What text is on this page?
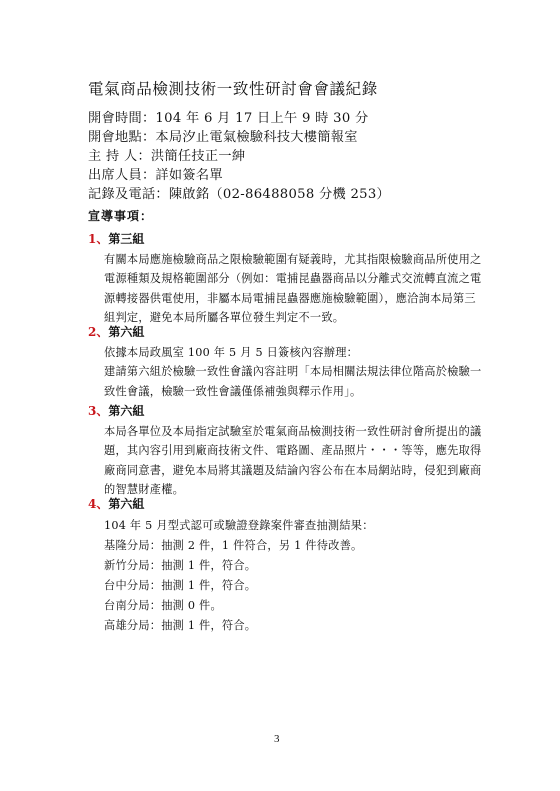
電氣商品檢測技術一致性研討會會議紀錄
開會時間：104 年 6 月 17 日上午 9 時 30 分
開會地點：本局汐止電氣檢驗科技大樓簡報室
主 持 人：洪簡任技正一紳
出席人員：詳如簽名單
記錄及電話：陳啟銘（02-86488058 分機 253）
宣導事項：
1、第三組
有關本局應施檢驗商品之限檢驗範圍有疑義時，尤其指限檢驗商品所使用之
電源種類及規格範圍部分（例如：電捕昆蟲器商品以分離式交流轉直流之電
源轉接器供電使用，非屬本局電捕昆蟲器應施檢驗範圍），應洽詢本局第三
組判定，避免本局所屬各單位發生判定不一致。
2、第六組
依據本局政風室 100 年 5 月 5 日簽核內容辦理：
建請第六組於檢驗一致性會議內容註明「本局相關法規法律位階高於檢驗一
致性會議，檢驗一致性會議僅係補強與釋示作用」。
3、第六組
本局各單位及本局指定試驗室於電氣商品檢測技術一致性研討會所提出的議
題，其內容引用到廠商技術文件、電路圖、產品照片・・・等等，應先取得
廠商同意書，避免本局將其議題及結論內容公布在本局網站時，侵犯到廠商
的智慧財產權。
4、第六組
104 年 5 月型式認可或驗證登錄案件審查抽測結果：
基隆分局：抽測 2 件，1 件符合，另 1 件待改善。
新竹分局：抽測 1 件，符合。
台中分局：抽測 1 件，符合。
台南分局：抽測 0 件。
高雄分局：抽測 1 件，符合。
3
